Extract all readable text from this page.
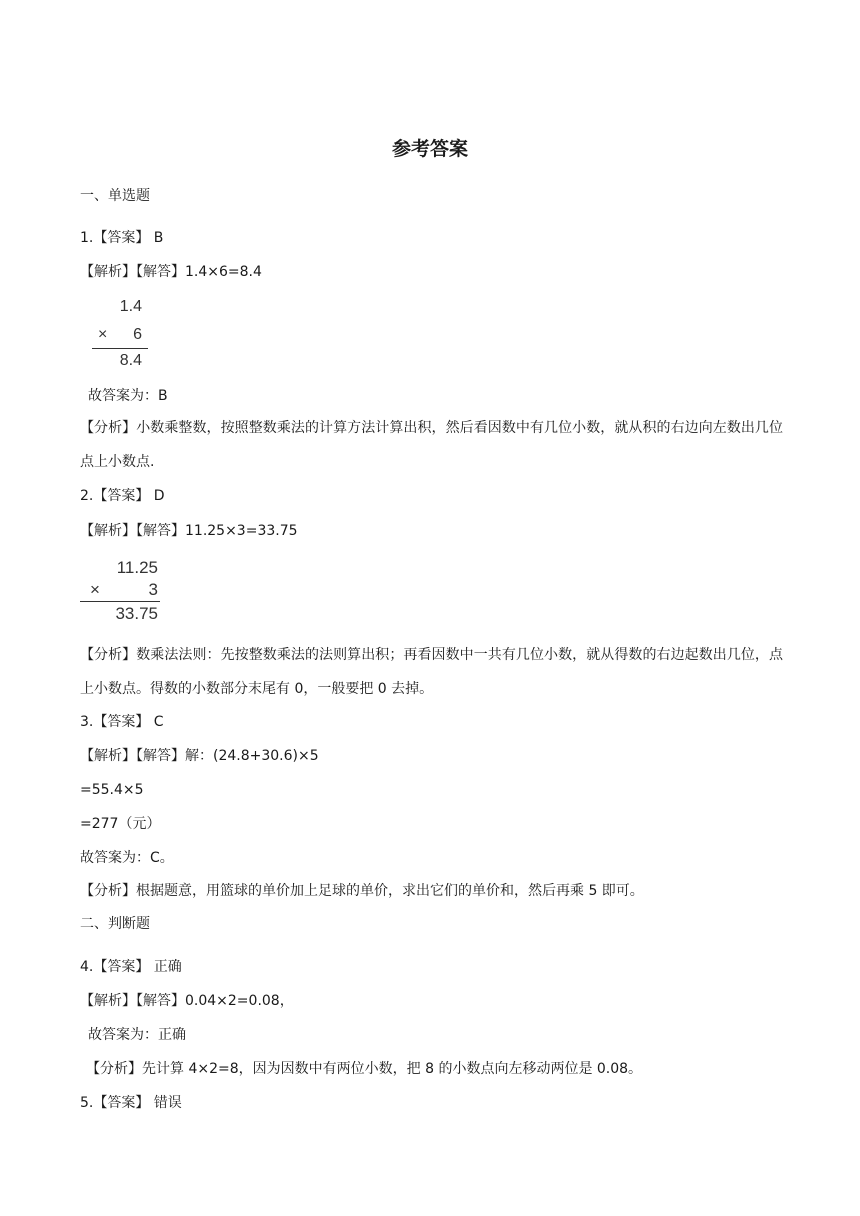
参考答案
一、单选题
1.【答案】 B
【解析】【解答】1.4×6=8.4
1.4
× 6
8.4
故答案为：B
【分析】小数乘整数，按照整数乘法的计算方法计算出积，然后看因数中有几位小数，就从积的右边向左数出几位点上小数点.
2.【答案】 D
【解析】【解答】11.25×3=33.75
11.25
×	3
33.75
【分析】数乘法法则：先按整数乘法的法则算出积；再看因数中一共有几位小数，就从得数的右边起数出几位，点上小数点。得数的小数部分末尾有 0，一般要把 0 去掉。
3.【答案】 C
【解析】【解答】解：(24.8+30.6)×5
=55.4×5
=277（元）
故答案为：C。
【分析】根据题意，用篮球的单价加上足球的单价，求出它们的单价和，然后再乘 5 即可。
二、判断题
4.【答案】 正确
【解析】【解答】0.04×2=0.08，
故答案为：正确
【分析】先计算 4×2=8，因为因数中有两位小数，把 8 的小数点向左移动两位是 0.08。
5.【答案】 错误
